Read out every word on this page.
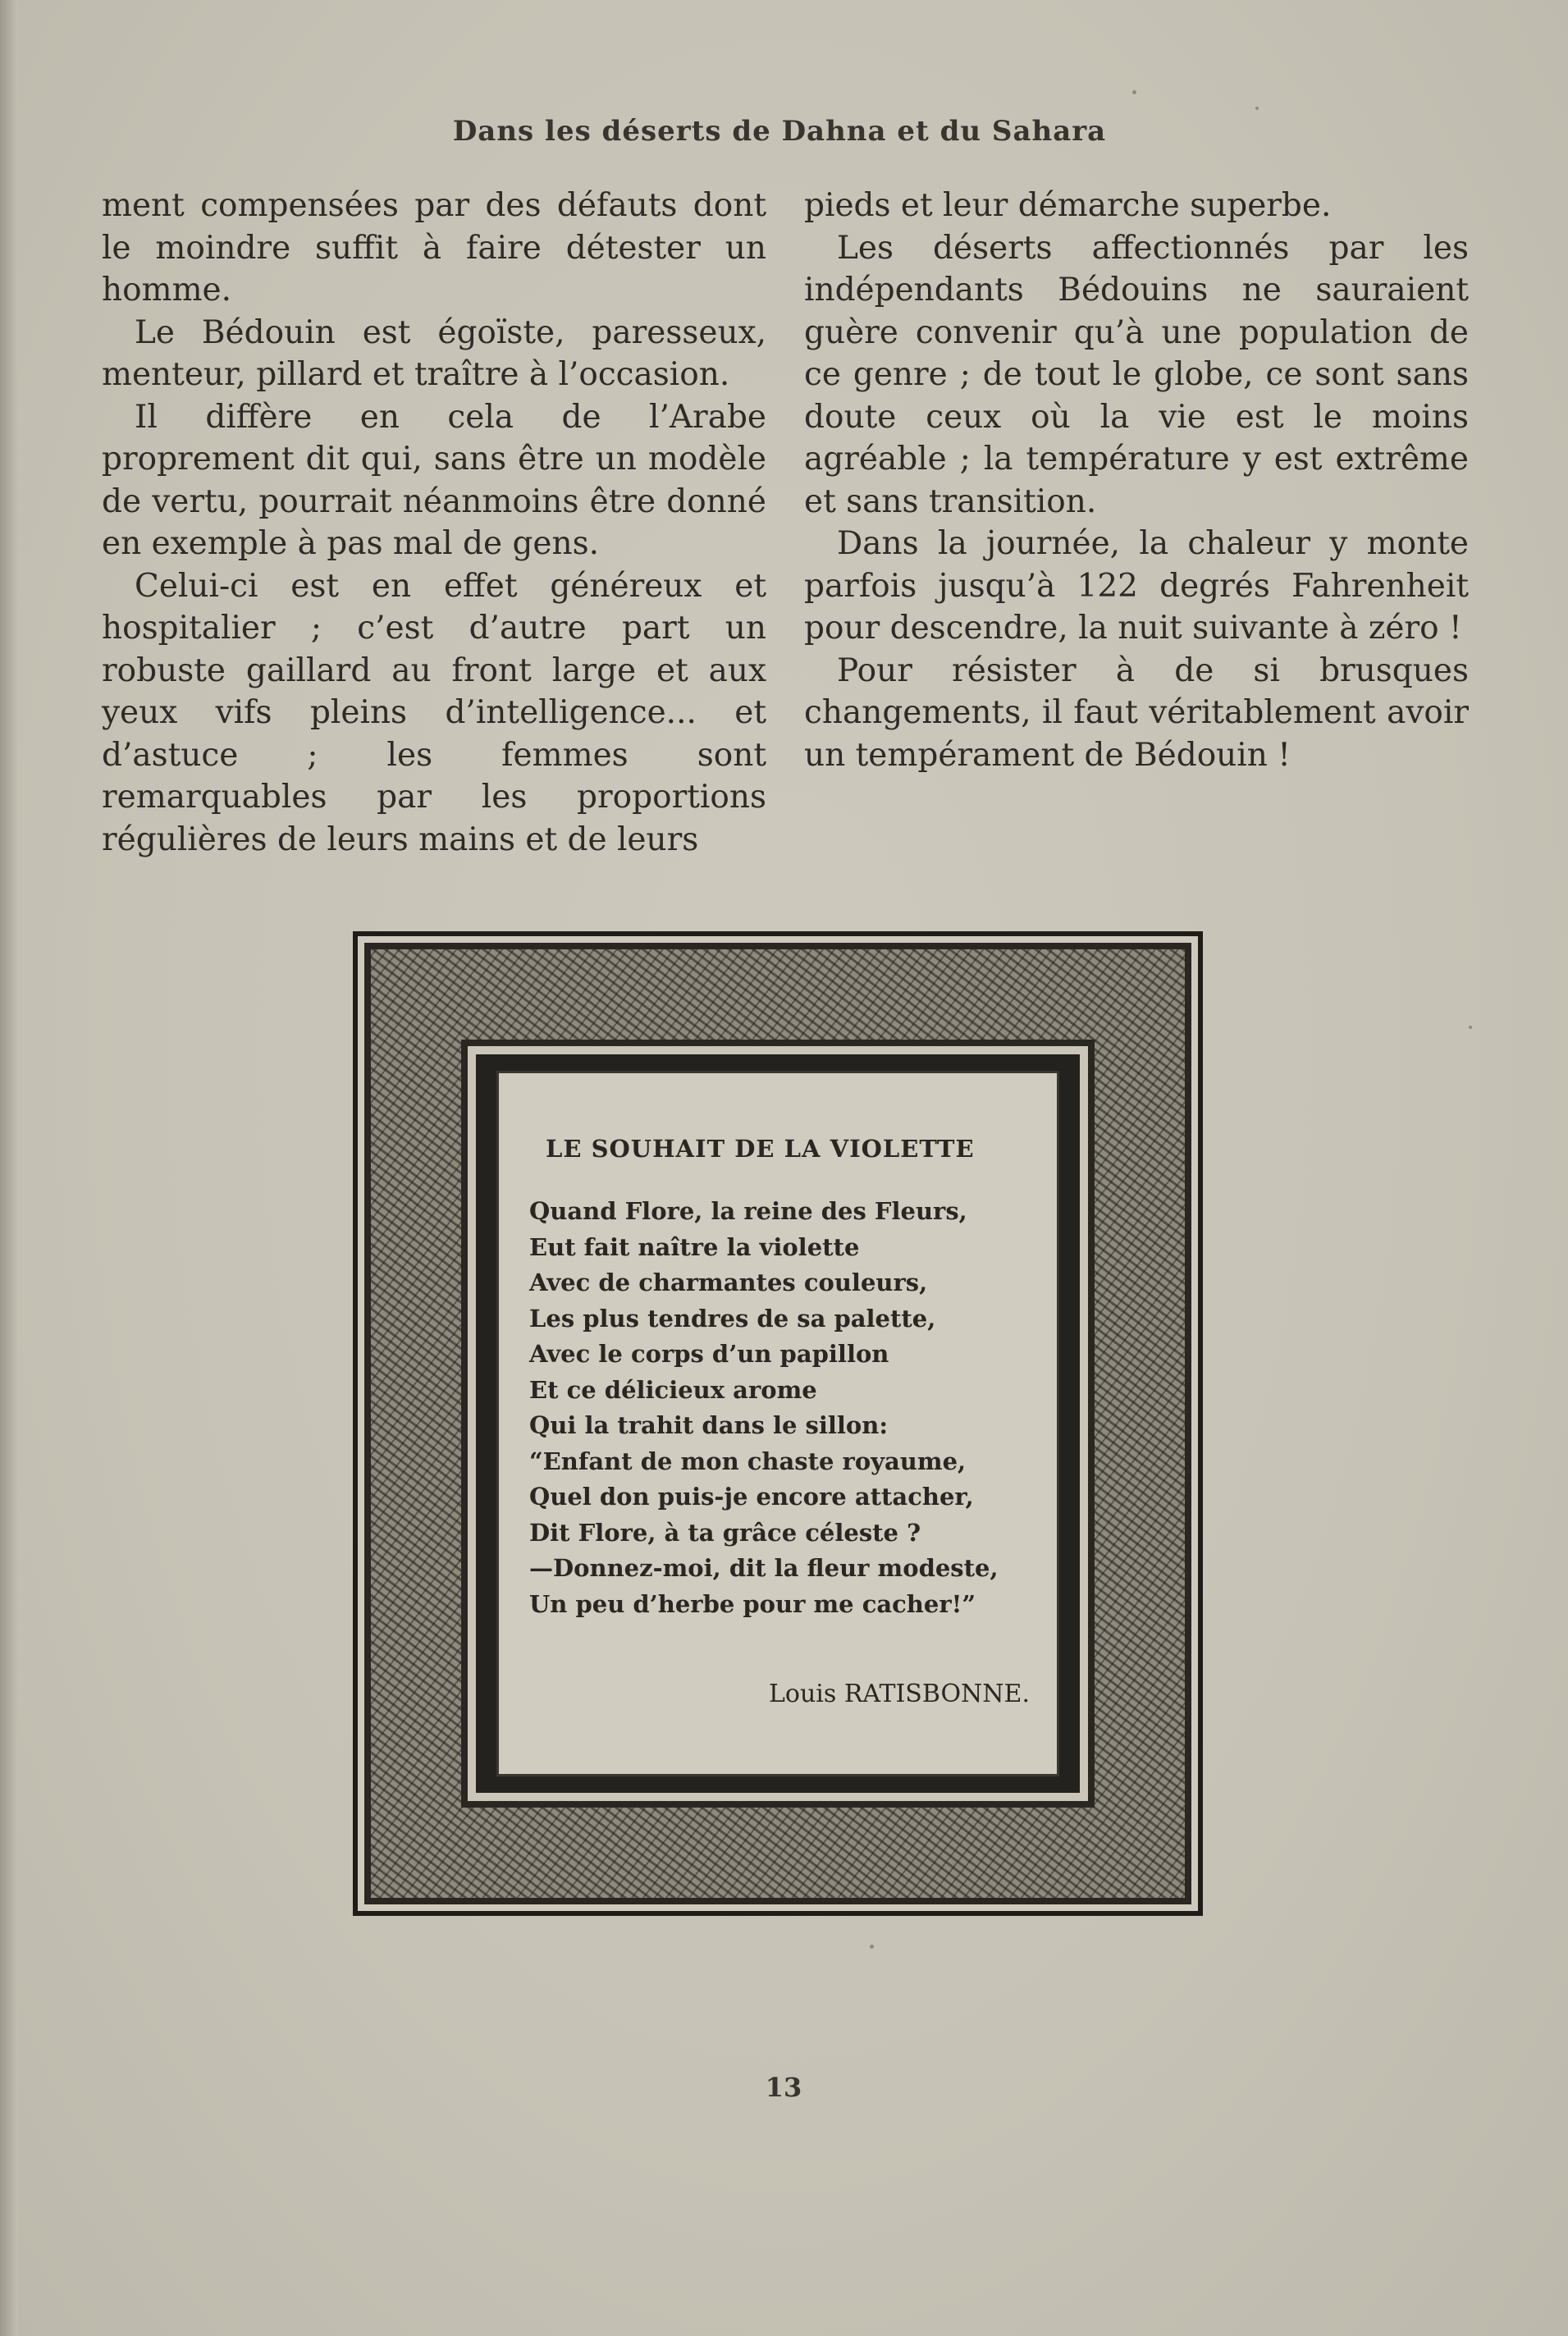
Dans les déserts de Dahna et du Sahara

ment compensées par des défauts dont le moindre suffit à faire détester un homme.

Le Bédouin est égoïste, paresseux, menteur, pillard et traître à l’occasion.

Il diffère en cela de l’Arabe proprement dit qui, sans être un modèle de vertu, pourrait néanmoins être donné en exemple à pas mal de gens.

Celui-ci est en effet généreux et hospitalier ; c’est d’autre part un robuste gaillard au front large et aux yeux vifs pleins d’intelligence... et d’astuce ; les femmes sont remarquables par les proportions régulières de leurs mains et de leurs

pieds et leur démarche superbe.

Les déserts affectionnés par les indépendants Bédouins ne sauraient guère convenir qu’à une population de ce genre ; de tout le globe, ce sont sans doute ceux où la vie est le moins agréable ; la température y est extrême et sans transition.

Dans la journée, la chaleur y monte parfois jusqu’à 122 degrés Fahrenheit pour descendre, la nuit suivante à zéro !

Pour résister à de si brusques changements, il faut véritablement avoir un tempérament de Bédouin !

LE SOUHAIT DE LA VIOLETTE
Quand Flore, la reine des Fleurs,
Eut fait naître la violette
Avec de charmantes couleurs,
Les plus tendres de sa palette,
Avec le corps d’un papillon
Et ce délicieux arome
Qui la trahit dans le sillon:
“Enfant de mon chaste royaume,
Quel don puis-je encore attacher,
Dit Flore, à ta grâce céleste ?
—Donnez-moi, dit la fleur modeste,
Un peu d’herbe pour me cacher!”
Louis RATISBONNE.
13
